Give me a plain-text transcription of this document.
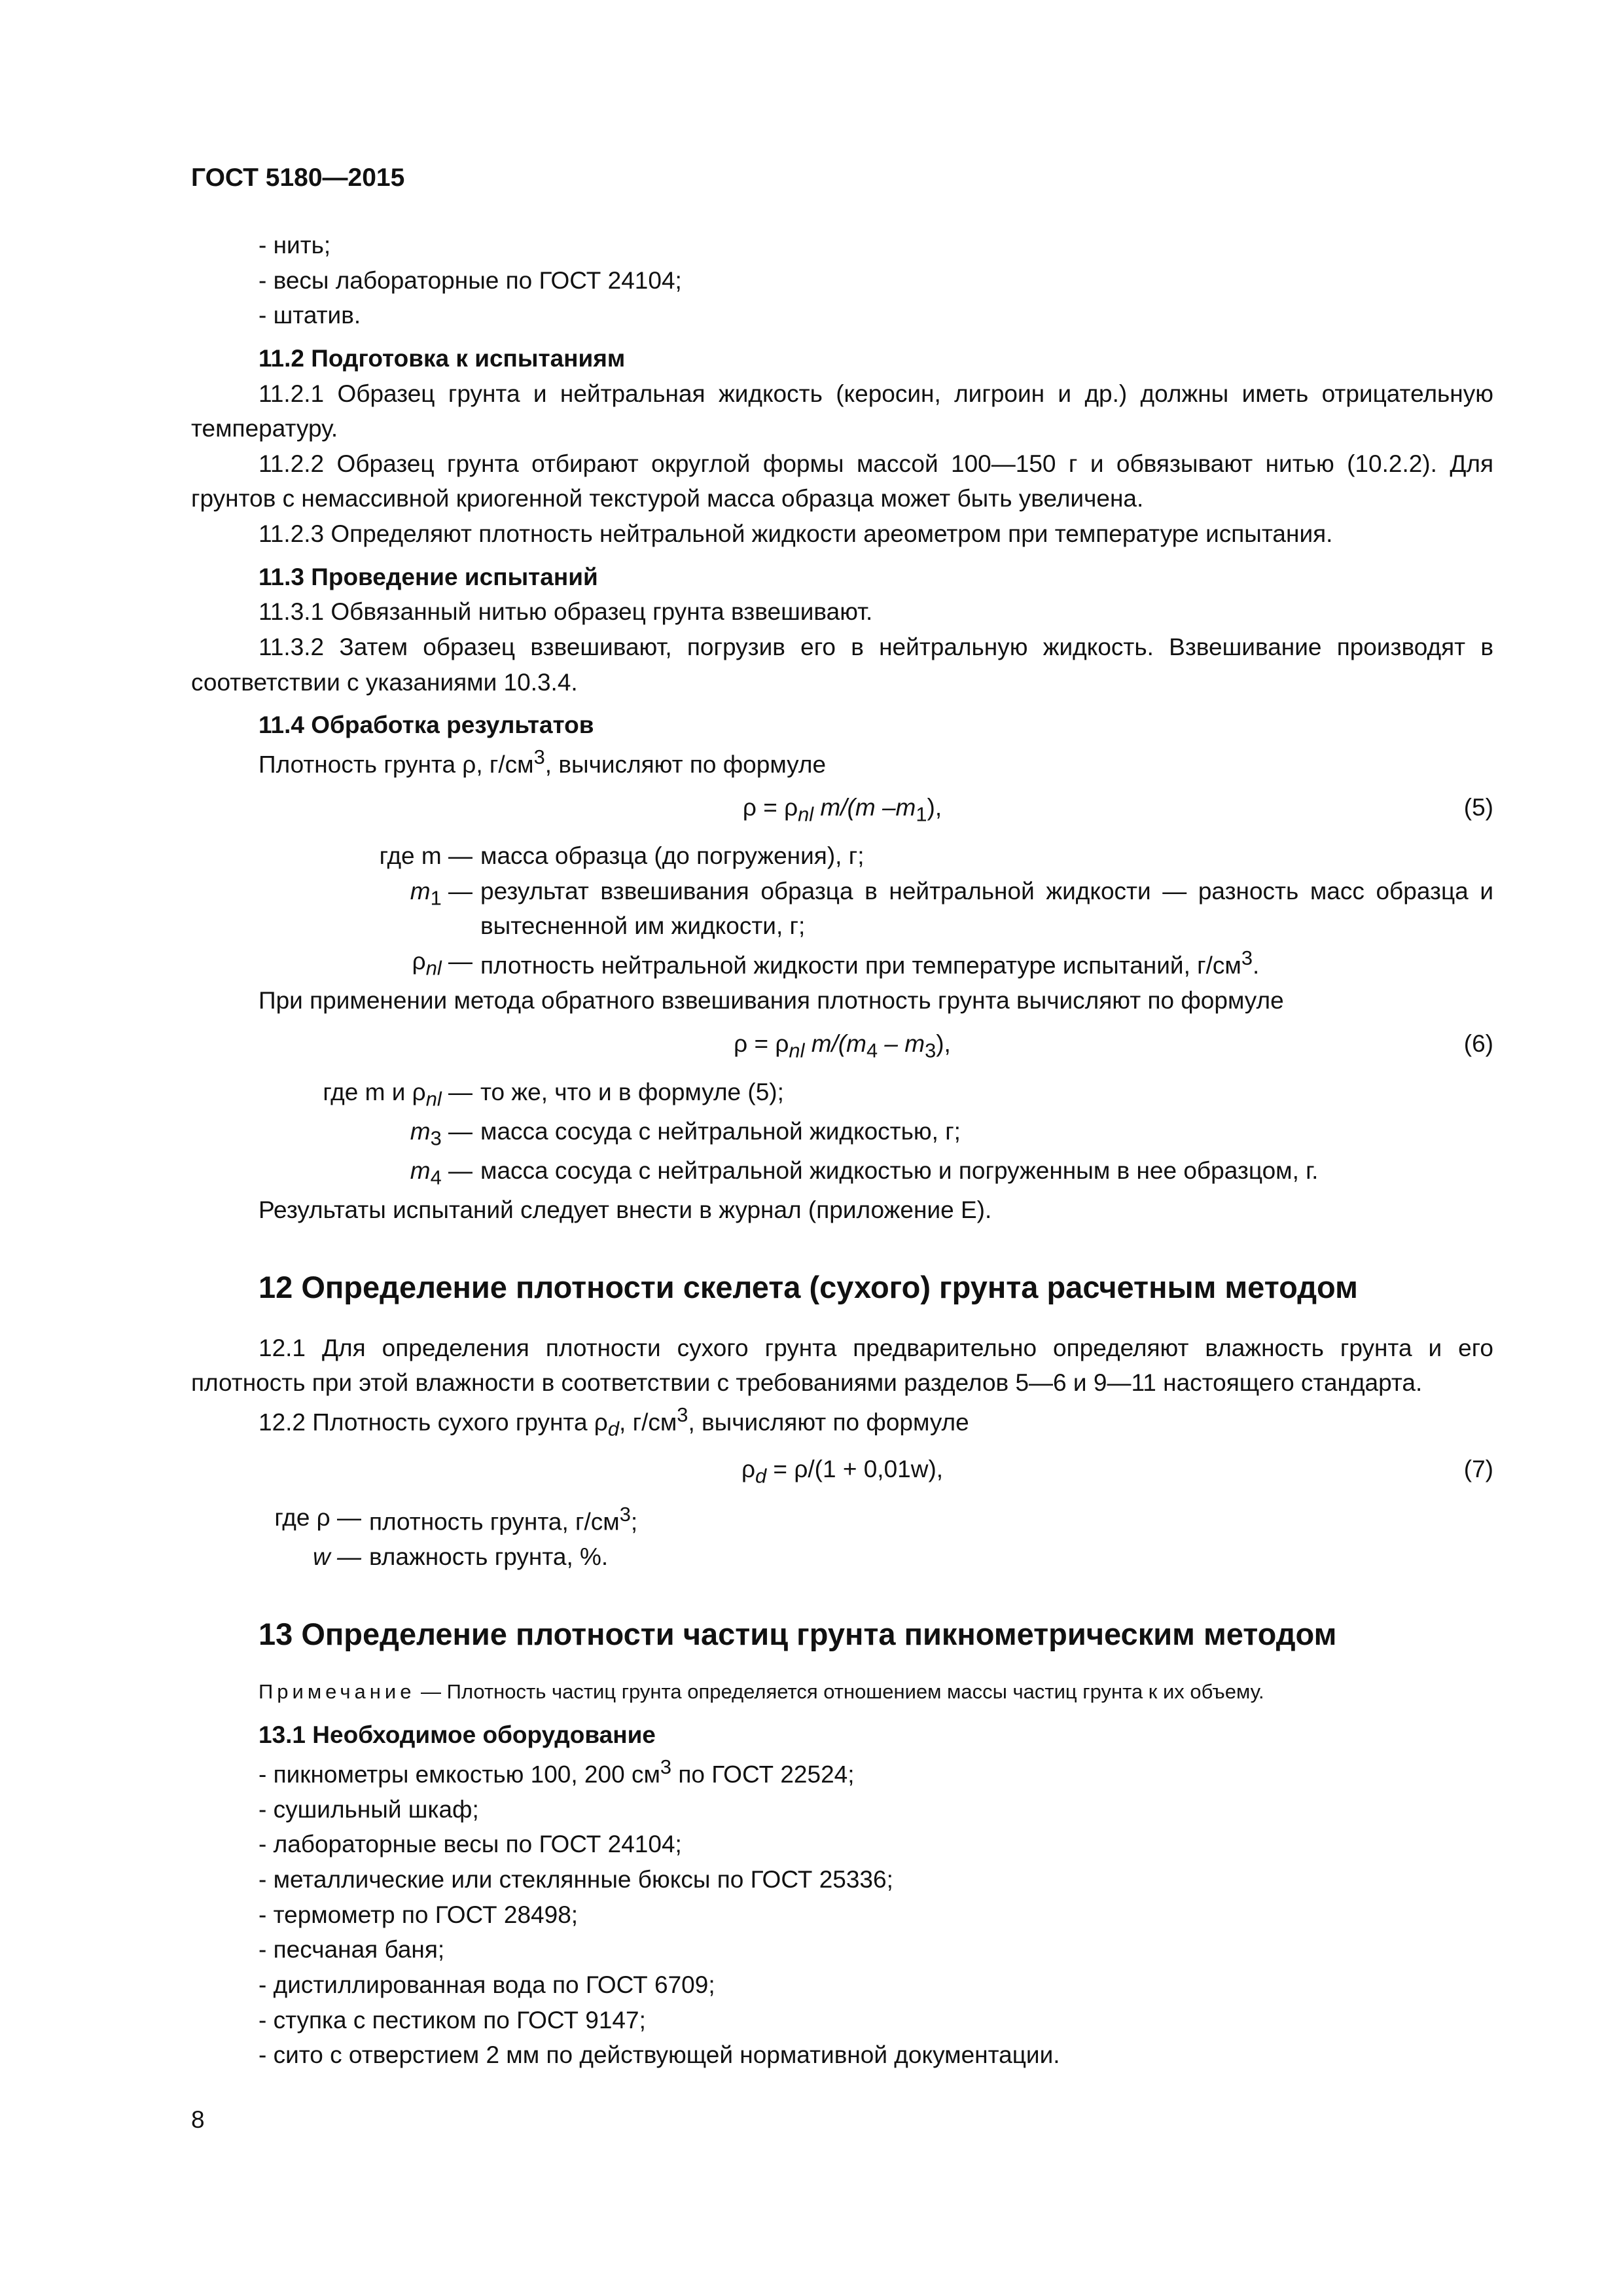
ГОСТ 5180—2015

- нить;

- весы лабораторные по ГОСТ 24104;

- штатив.

11.2 Подготовка к испытаниям

11.2.1 Образец грунта и нейтральная жидкость (керосин, лигроин и др.) должны иметь отрицательную температуру.

11.2.2 Образец грунта отбирают округлой формы массой 100—150 г и обвязывают нитью (10.2.2). Для грунтов с немассивной криогенной текстурой масса образца может быть увеличена.

11.2.3 Определяют плотность нейтральной жидкости ареометром при температуре испытания.

11.3 Проведение испытаний

11.3.1 Обвязанный нитью образец грунта взвешивают.

11.3.2 Затем образец взвешивают, погрузив его в нейтральную жидкость. Взвешивание производят в соответствии с указаниями 10.3.4.

11.4 Обработка результатов

Плотность грунта ρ, $г/см^3$, вычисляют по формуле

$\rho = \rho_{nl}$ m/(m $-m_1$),	(5)
где m — масса образца (до погружения), г;
$m_1$ — результат взвешивания образца в нейтральной жидкости — разность масс образца и вытесненной им жидкости, г;
$\rho_{nl}$ — плотность нейтральной жидкости при температуре испытаний, $г/см^3$.

При применении метода обратного взвешивания плотность грунта вычисляют по формуле

$\rho = \rho_{nl}$ $m/(m_4 - m_3)$,	(6)
где m и $\rho_{nl}$ — то же, что и в формуле (5);
$m_3$ — масса сосуда с нейтральной жидкостью, г;
$m_4$ — масса сосуда с нейтральной жидкостью и погруженным в нее образцом, г.

Результаты испытаний следует внести в журнал (приложение Е).

12 Определение плотности скелета (сухого) грунта расчетным методом

12.1 Для определения плотности сухого грунта предварительно определяют влажность грунта и его плотность при этой влажности в соответствии с требованиями разделов 5—6 и 9—11 настоящего стандарта.

12.2 Плотность сухого грунта $\rho_d$, $г/см^3$, вычисляют по формуле

$\rho_d = \rho/(1 + 0,01w)$,	(7)
где ρ — плотность грунта, $г/см^3$;
w — влажность грунта, %.

13 Определение плотности частиц грунта пикнометрическим методом

Примечание — Плотность частиц грунта определяется отношением массы частиц грунта к их объему.

13.1 Необходимое оборудование

- пикнометры емкостью 100, 200 $см^3$ по ГОСТ 22524;

- сушильный шкаф;

- лабораторные весы по ГОСТ 24104;

- металлические или стеклянные бюксы по ГОСТ 25336;

- термометр по ГОСТ 28498;

- песчаная баня;

- дистиллированная вода по ГОСТ 6709;

- ступка с пестиком по ГОСТ 9147;

- сито с отверстием 2 мм по действующей нормативной документации.

8
